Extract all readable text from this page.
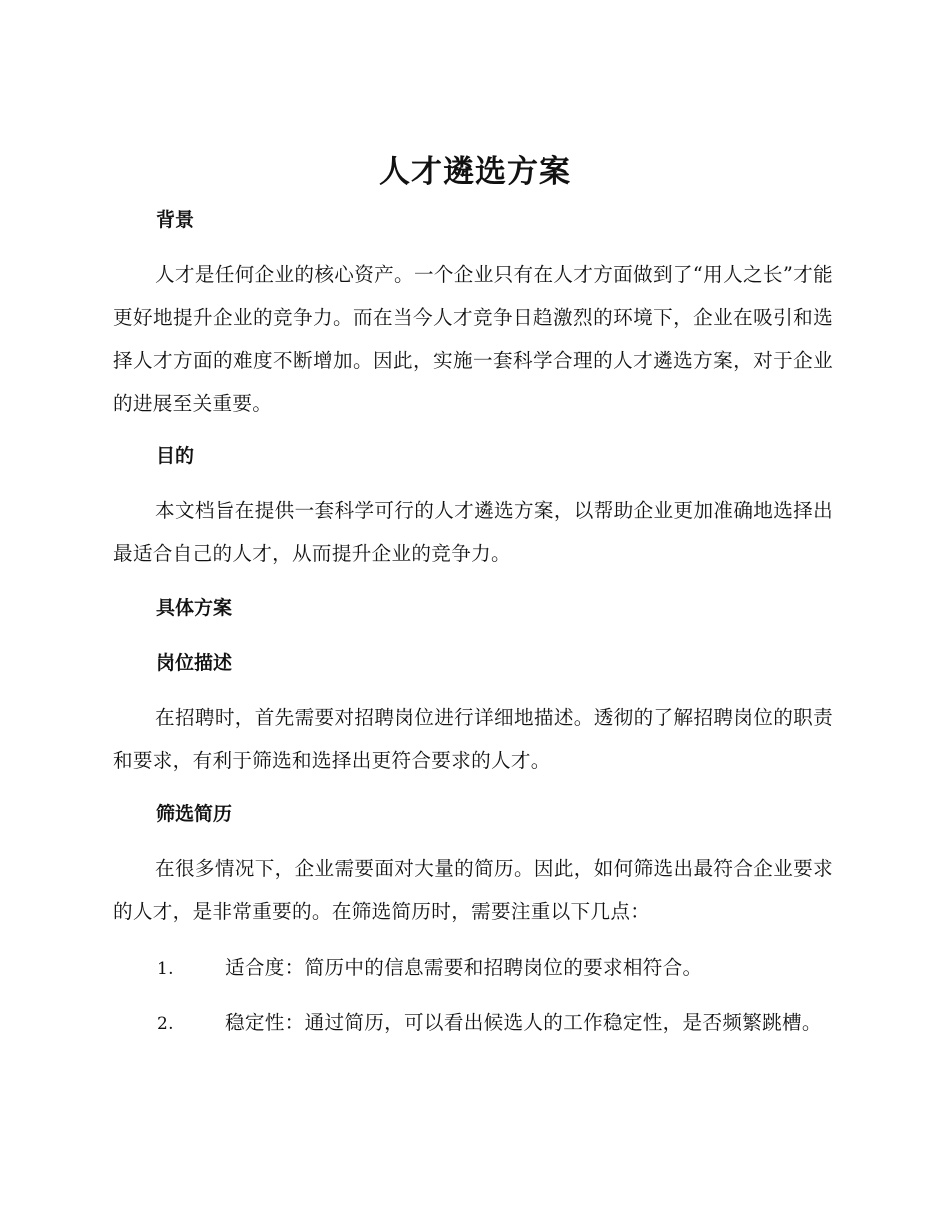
人才遴选方案
背景

人才是任何企业的核心资产。一个企业只有在人才方面做到了“用人之长”才能更好地提升企业的竞争力。而在当今人才竞争日趋激烈的环境下，企业在吸引和选择人才方面的难度不断增加。因此，实施一套科学合理的人才遴选方案，对于企业的进展至关重要。

目的

本文档旨在提供一套科学可行的人才遴选方案，以帮助企业更加准确地选择出最适合自己的人才，从而提升企业的竞争力。

具体方案
岗位描述

在招聘时，首先需要对招聘岗位进行详细地描述。透彻的了解招聘岗位的职责和要求，有利于筛选和选择出更符合要求的人才。

筛选简历

在很多情况下，企业需要面对大量的简历。因此，如何筛选出最符合企业要求的人才，是非常重要的。在筛选简历时，需要注重以下几点：

1.	适合度：简历中的信息需要和招聘岗位的要求相符合。
2.	稳定性：通过简历，可以看出候选人的工作稳定性，是否频繁跳槽。
